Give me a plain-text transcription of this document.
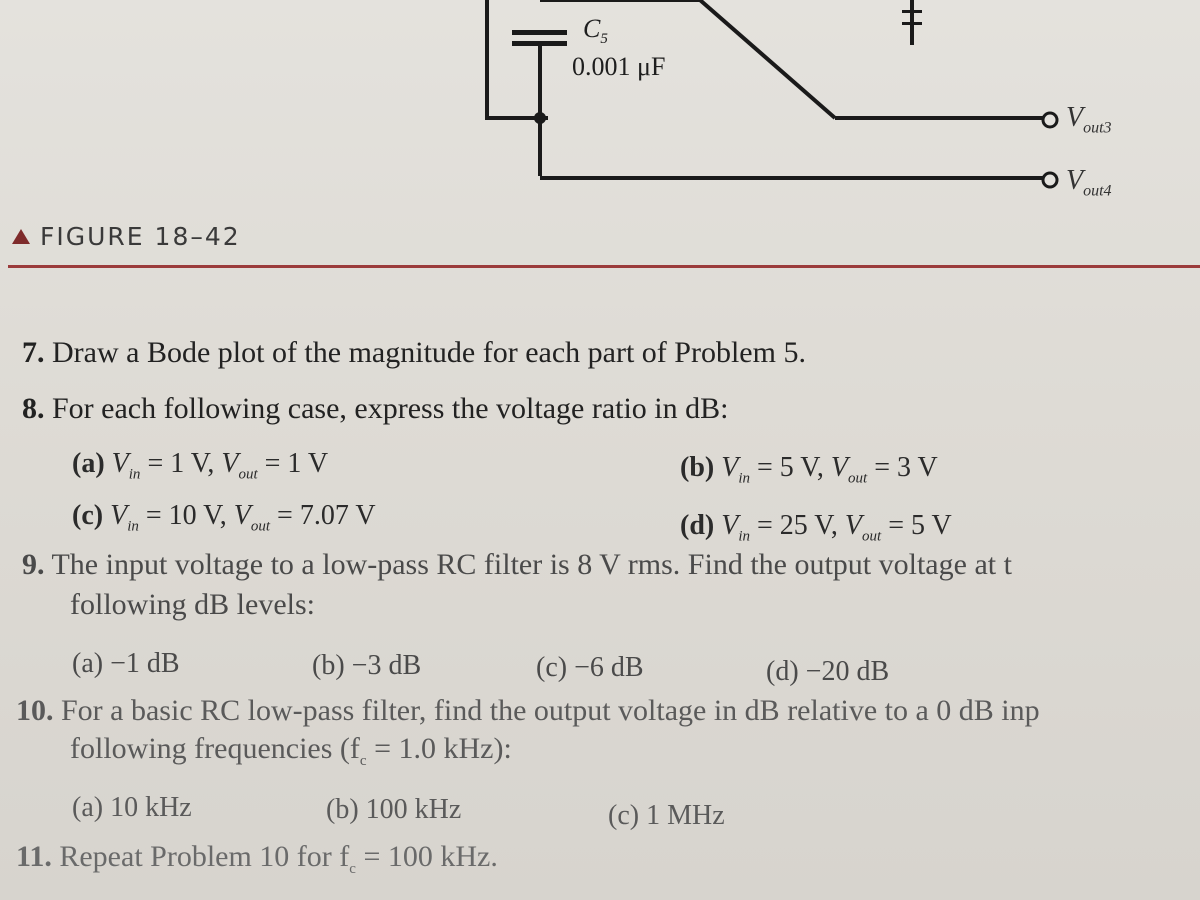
$C_5$
0.001 μF
$V_{out3}$
$V_{out4}$
FIGURE 18–42
7. Draw a Bode plot of the magnitude for each part of Problem 5.
8. For each following case, express the voltage ratio in dB:
(a) $V_{in} = 1$ V, $V_{out} = 1$ V	(b) $V_{in} = 5$ V, $V_{out} = 3$ V
(c) $V_{in} = 10$ V, $V_{out} = 7.07$ V	(d) $V_{in} = 25$ V, $V_{out} = 5$ V
9. The input voltage to a low-pass RC filter is 8 V rms. Find the output voltage at t
following dB levels:
(a) −1 dB	(b) −3 dB	(c) −6 dB	(d) −20 dB
10. For a basic RC low-pass filter, find the output voltage in dB relative to a 0 dB inp
following frequencies ($f_c = 1.0$ kHz):
(a) 10 kHz	(b) 100 kHz	(c) 1 MHz
11. Repeat Problem 10 for $f_c = 100$ kHz.
